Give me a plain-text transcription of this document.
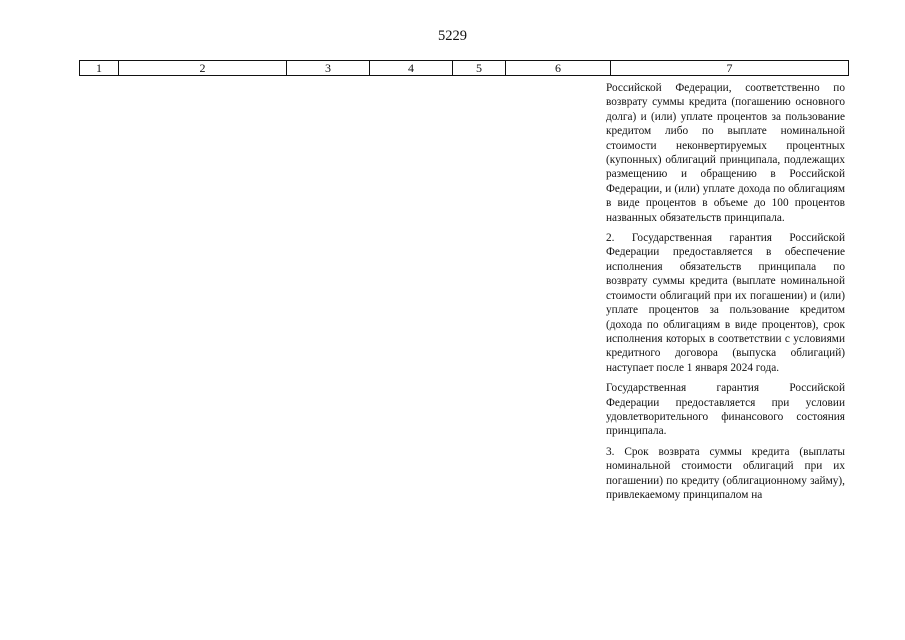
5229
1	2	3	4	5	6	7

Российской Федерации, соответственно по возврату суммы кредита (погашению основного долга) и (или) уплате процентов за пользование кредитом либо по выплате номинальной стоимости неконвертируемых процентных (купонных) облигаций принципала, подлежащих размещению и обращению в Российской Федерации, и (или) уплате дохода по облигациям в виде процентов в объеме до 100 процентов названных обязательств принципала.

2. Государственная гарантия Российской Федерации предоставляется в обеспечение исполнения обязательств принципала по возврату суммы кредита (выплате номинальной стоимости облигаций при их погашении) и (или) уплате процентов за пользование кредитом (дохода по облигациям в виде процентов), срок исполнения которых в соответствии с условиями кредитного договора (выпуска облигаций) наступает после 1 января 2024 года.

Государственная гарантия Российской Федерации предоставляется при условии удовлетворительного финансового состояния принципала.

3. Срок возврата суммы кредита (выплаты номинальной стоимости облигаций при их погашении) по кредиту (облигационному займу), привлекаемому принципалом на
